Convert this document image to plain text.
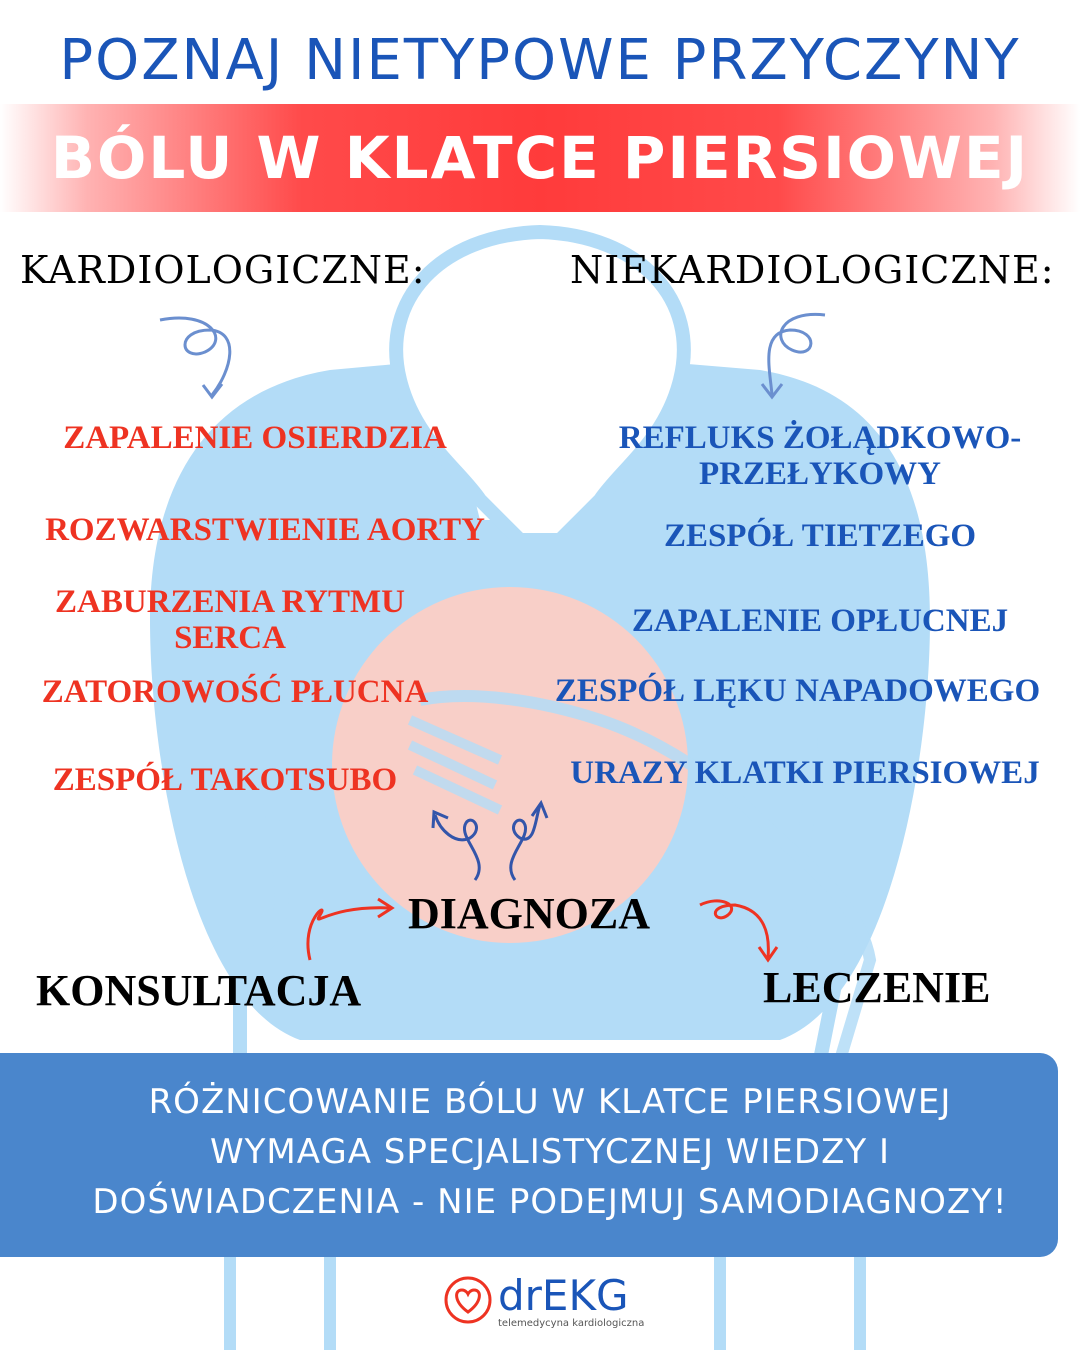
POZNAJ NIETYPOWE PRZYCZYNY
BÓLU W KLATCE PIERSIOWEJ

KARDIOLOGICZNE:	NIEKARDIOLOGICZNE:

ZAPALENIE OSIERDZIA

ROZWARSTWIENIE AORTY

ZABURZENIA RYTMU SERCA

ZATOROWOŚĆ PŁUCNA

ZESPÓŁ TAKOTSUBO

REFLUKS ŻOŁĄDKOWO-PRZEŁYKOWY

ZESPÓŁ TIETZEGO

ZAPALENIE OPŁUCNEJ

ZESPÓŁ LĘKU NAPADOWEGO

URAZY KLATKI PIERSIOWEJ

DIAGNOZA

KONSULTACJA	LECZENIE

RÓŻNICOWANIE BÓLU W KLATCE PIERSIOWEJ
WYMAGA SPECJALISTYCZNEJ WIEDZY I
DOŚWIADCZENIA - NIE PODEJMUJ SAMODIAGNOZY!

drEKG
telemedycyna kardiologiczna
